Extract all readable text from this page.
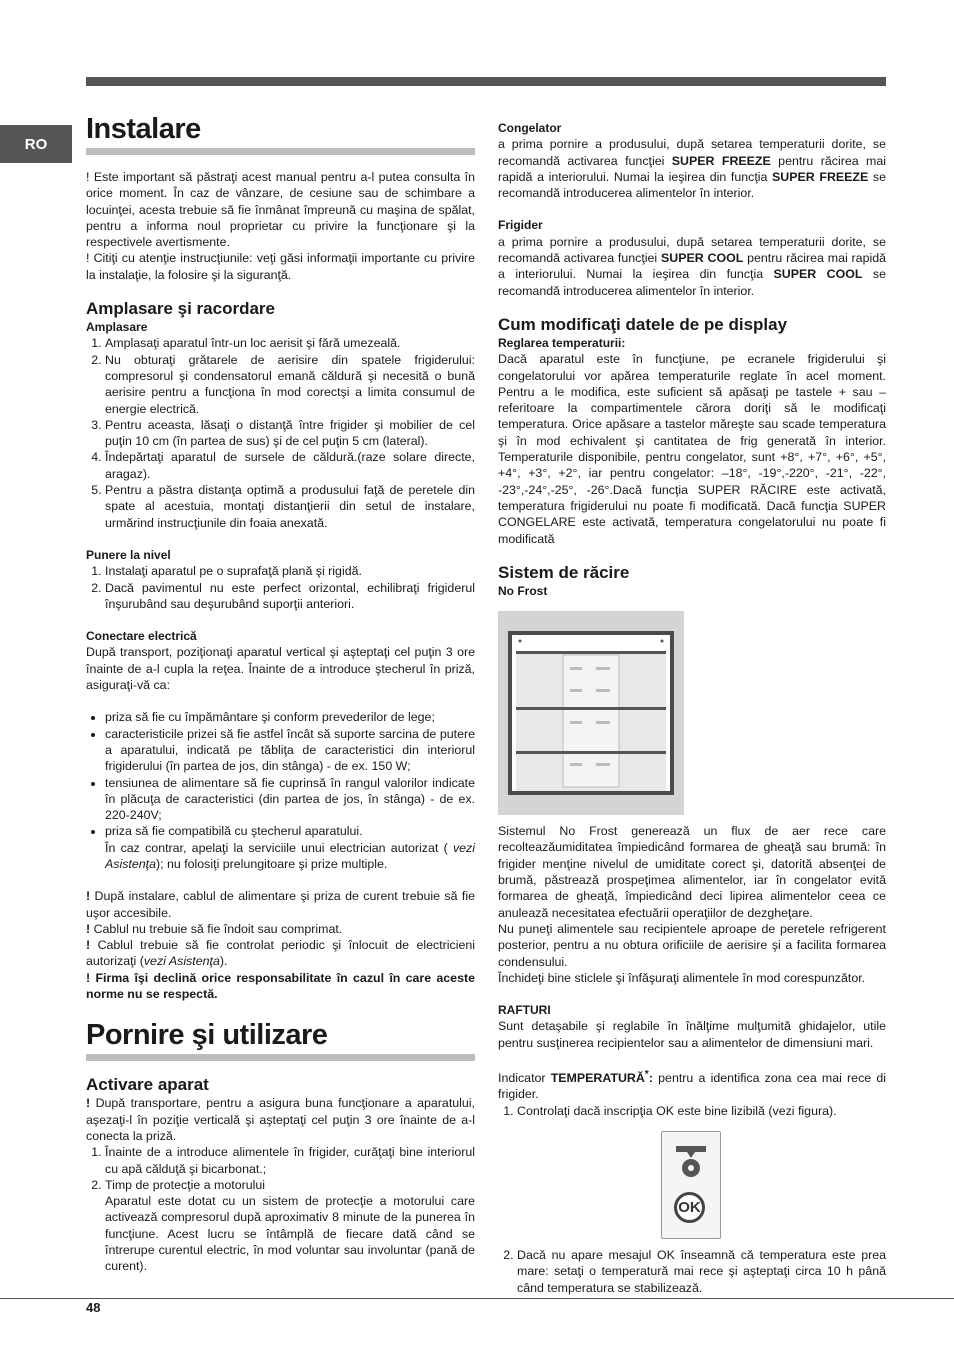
RO	Instalare

! Este important să păstraţi acest manual pentru a-l putea consulta în orice moment. În caz de vânzare, de cesiune sau de schimbare a locuinţei, acesta trebuie să fie înmânat împreună cu maşina de spălat, pentru a informa noul proprietar cu privire la funcţionare şi la respectivele avertismente.

! Citiţi cu atenţie instrucţiunile: veţi găsi informaţii importante cu privire la instalaţie, la folosire şi la siguranţă.

Amplasare şi racordare
Amplasare
1. Amplasaţi aparatul într-un loc aerisit şi fără umezeală.
2. Nu obturaţi grătarele de aerisire din spatele frigiderului: compresorul şi condensatorul emană căldură şi necesită o bună aerisire pentru a funcţiona în mod corectşi a limita consumul de energie electrică.
3. Pentru aceasta, lăsaţi o distanţă între frigider şi mobilier de cel puţin 10 cm (în partea de sus) şi de cel puţin 5 cm (lateral).
4. Îndepărtaţi aparatul de sursele de căldură.(raze solare directe, aragaz).
5. Pentru a păstra distanţa optimă a produsului faţă de peretele din spate al acestuia, montaţi distanţierii din setul de instalare, urmărind instrucţiunile din foaia anexată.
Punere la nivel
1. Instalaţi aparatul pe o suprafaţă plană şi rigidă.
2. Dacă pavimentul nu este perfect orizontal, echilibraţi frigiderul înşurubând sau deşurubând suporţii anteriori.
Conectare electrică

După transport, poziţionaţi aparatul vertical şi aşteptaţi cel puţin 3 ore înainte de a-l cupla la reţea. Înainte de a introduce ştecherul în priză, asiguraţi-vă ca:

• priza să fie cu împământare şi conform prevederilor de lege;
• caracteristicile prizei să fie astfel încât să suporte sarcina de putere a aparatului, indicată pe tăbliţa de caracteristici din interiorul frigiderului (în partea de jos, din stânga) - de ex. 150 W;
• tensiunea de alimentare să fie cuprinsă în rangul valorilor indicate în plăcuţa de caracteristici (din partea de jos, în stânga) - de ex. 220-240V;
• priza să fie compatibilă cu ştecherul aparatului.
În caz contrar, apelaţi la serviciile unui electrician autorizat ( vezi Asistenţa); nu folosiţi prelungitoare şi prize multiple.

! După instalare, cablul de alimentare şi priza de curent trebuie să fie uşor accesibile.

! Cablul nu trebuie să fie îndoit sau comprimat.

! Cablul trebuie să fie controlat periodic şi înlocuit de electricieni autorizaţi (vezi Asistenţa).

! Firma îşi declină orice responsabilitate în cazul în care aceste norme nu se respectă.

Pornire şi utilizare
Activare aparat

! După transportare, pentru a asigura buna funcţionare a aparatului, aşezaţi-l în poziţie verticală şi aşteptaţi cel puţin 3 ore înainte de a-l conecta la priză.

1. Înainte de a introduce alimentele în frigider, curăţaţi bine interiorul cu apă călduţă şi bicarbonat.;
2. Timp de protecţie a motorului
Aparatul este dotat cu un sistem de protecţie a motorului care activează compresorul după aproximativ 8 minute de la punerea în funcţiune. Acest lucru se întâmplă de fiecare dată când se întrerupe curentul electric, în mod voluntar sau involuntar (pană de curent).
Congelator

a prima pornire a produsului, după setarea temperaturii dorite, se recomandă activarea funcţiei SUPER FREEZE pentru răcirea mai rapidă a interiorului. Numai la ieşirea din funcţia SUPER FREEZE se recomandă introducerea alimentelor în interior.

Frigider

a prima pornire a produsului, după setarea temperaturii dorite, se recomandă activarea funcţiei SUPER COOL pentru răcirea mai rapidă a interiorului. Numai la ieşirea din funcţia SUPER COOL se recomandă introducerea alimentelor în interior.

Cum modificaţi datele de pe display
Reglarea temperaturii:

Dacă aparatul este în funcţiune, pe ecranele frigiderului şi congelatorului vor apărea temperaturile reglate în acel moment. Pentru a le modifica, este suficient să apăsaţi pe tastele + sau – referitoare la compartimentele cărora doriţi să le modificaţi temperatura. Orice apăsare a tastelor măreşte sau scade temperatura şi în mod echivalent şi cantitatea de frig generată în interior. Temperaturile disponibile, pentru congelator, sunt +8°, +7°, +6°, +5°, +4°, +3°, +2°, iar pentru congelator: –18°, -19°,-220°, -21°, -22°, -23°,-24°,-25°, -26°.Dacă funcţia SUPER RĂCIRE este activată, temperatura frigiderului nu poate fi modificată. Dacă funcţia SUPER CONGELARE este activată, temperatura congelatorului nu poate fi modificată

Sistem de răcire
No Frost

Sistemul No Frost generează un flux de aer rece care recolteazăumiditatea împiedicând formarea de gheaţă sau brumă: în frigider menţine nivelul de umiditate corect şi, datorită absenţei de brumă, păstrează prospeţimea alimentelor, iar în congelator evită formarea de gheaţă, împiedicând deci lipirea alimentelor ceea ce anulează necesitatea efectuării operaţiilor de dezgheţare.

Nu puneţi alimentele sau recipientele aproape de peretele refrigerent posterior, pentru a nu obtura orificiile de aerisire şi a facilita formarea condensului.

Închideţi bine sticlele şi înfăşuraţi alimentele în mod corespunzător.

RAFTURI

Sunt detaşabile şi reglabile în înălţime mulţumită ghidajelor, utile pentru susţinerea recipientelor sau a alimentelor de dimensiuni mari.

Indicator TEMPERATURĂ*: pentru a identifica zona cea mai rece di frigider.

1. Controlaţi dacă inscripţia OK este bine lizibilă (vezi figura).
OK
2. Dacă nu apare mesajul OK înseamnă că temperatura este prea mare: setaţi o temperatură mai rece şi aşteptaţi circa 10 h până când temperatura se stabilizează.
48
